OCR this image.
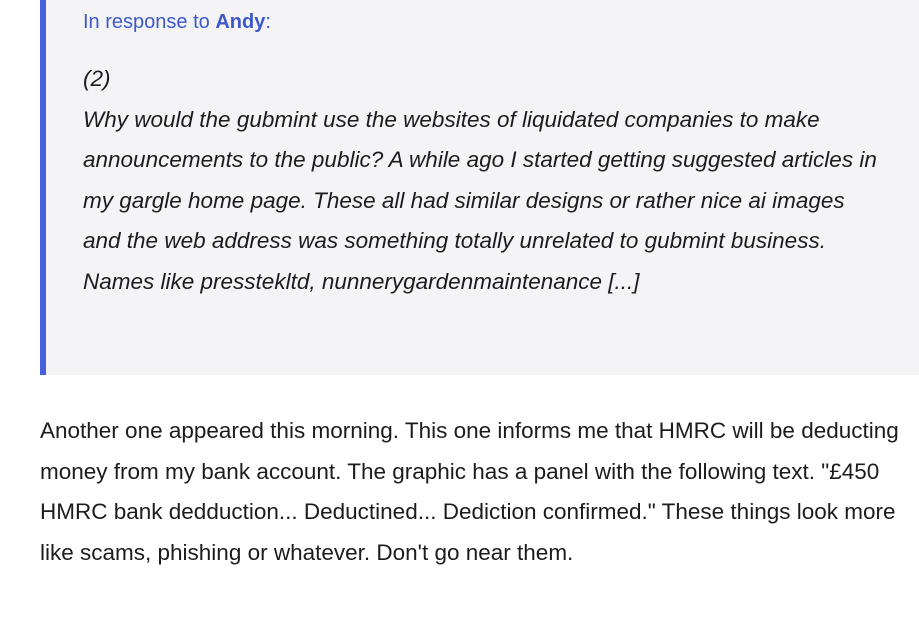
In response to Andy:

(2)

Why would the gubmint use the websites of liquidated companies to make announcements to the public? A while ago I started getting suggested articles in my gargle home page. These all had similar designs or rather nice ai images and the web address was something totally unrelated to gubmint business. Names like presstekltd, nunnerygardenmaintenance [...]

Another one appeared this morning. This one informs me that HMRC will be deducting money from my bank account. The graphic has a panel with the following text. "£450 HMRC bank dedduction... Deductined... Dediction confirmed." These things look more like scams, phishing or whatever. Don't go near them.
